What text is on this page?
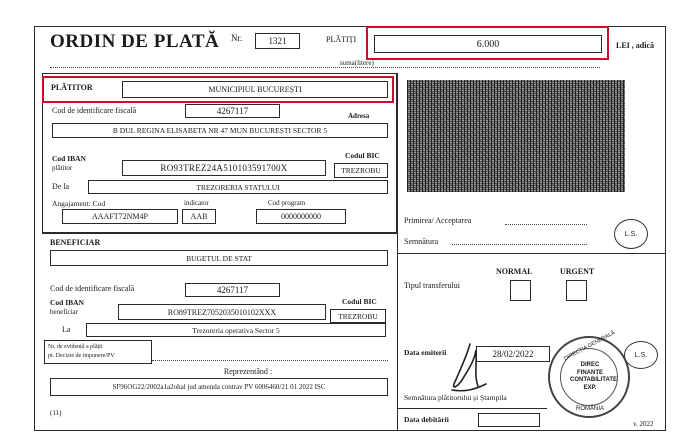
ORDIN DE PLATĂ Nr.	1321	PLĂTIȚI	6.000	LEI , adică
suma(litere)
PLĂTITOR	MUNICIPIUL BUCUREȘTI
Cod de identificare fiscală	4267117	Adresa
B DUL REGINA ELISABETA NR 47 MUN BUCUREȘTI SECTOR 5
Cod IBAN
plătitor	RO93TREZ24A510103591700X
Codul BIC
TREZROBU
De la	TREZORERIA STATULUI
Angajament: Cod	indicator	Cod program
AAAFT72NM4P	AAB	0000000000
BENEFICIAR
BUGETUL DE STAT
Cod de identificare fiscală	4267117
Cod IBAN
beneficiar	RO89TREZ7052035010102XXX
Codul BIC
TREZROBU
La	Trezoreria operativa Sector 5
Nr. de evidență a plății
pt. Decizie de impunere/PV
Reprezentând :
SF96OG22/2002a1a2ohal jud amenda contrav PV 6006460/21 01 2022 ISC
(11)
Primirea/ Acceptarea
Semnătura
L.S.
NORMAL	URGENT
Tipul transferului
Data emiterii	28/02/2022	L.S.
DIRECȚIA GENERALĂ
DIREC FINANȚE CONTABILITATE EXP.
ROMÂNIA
Semnătura plătitorului și Ștampila
Data debitării	v. 2022
